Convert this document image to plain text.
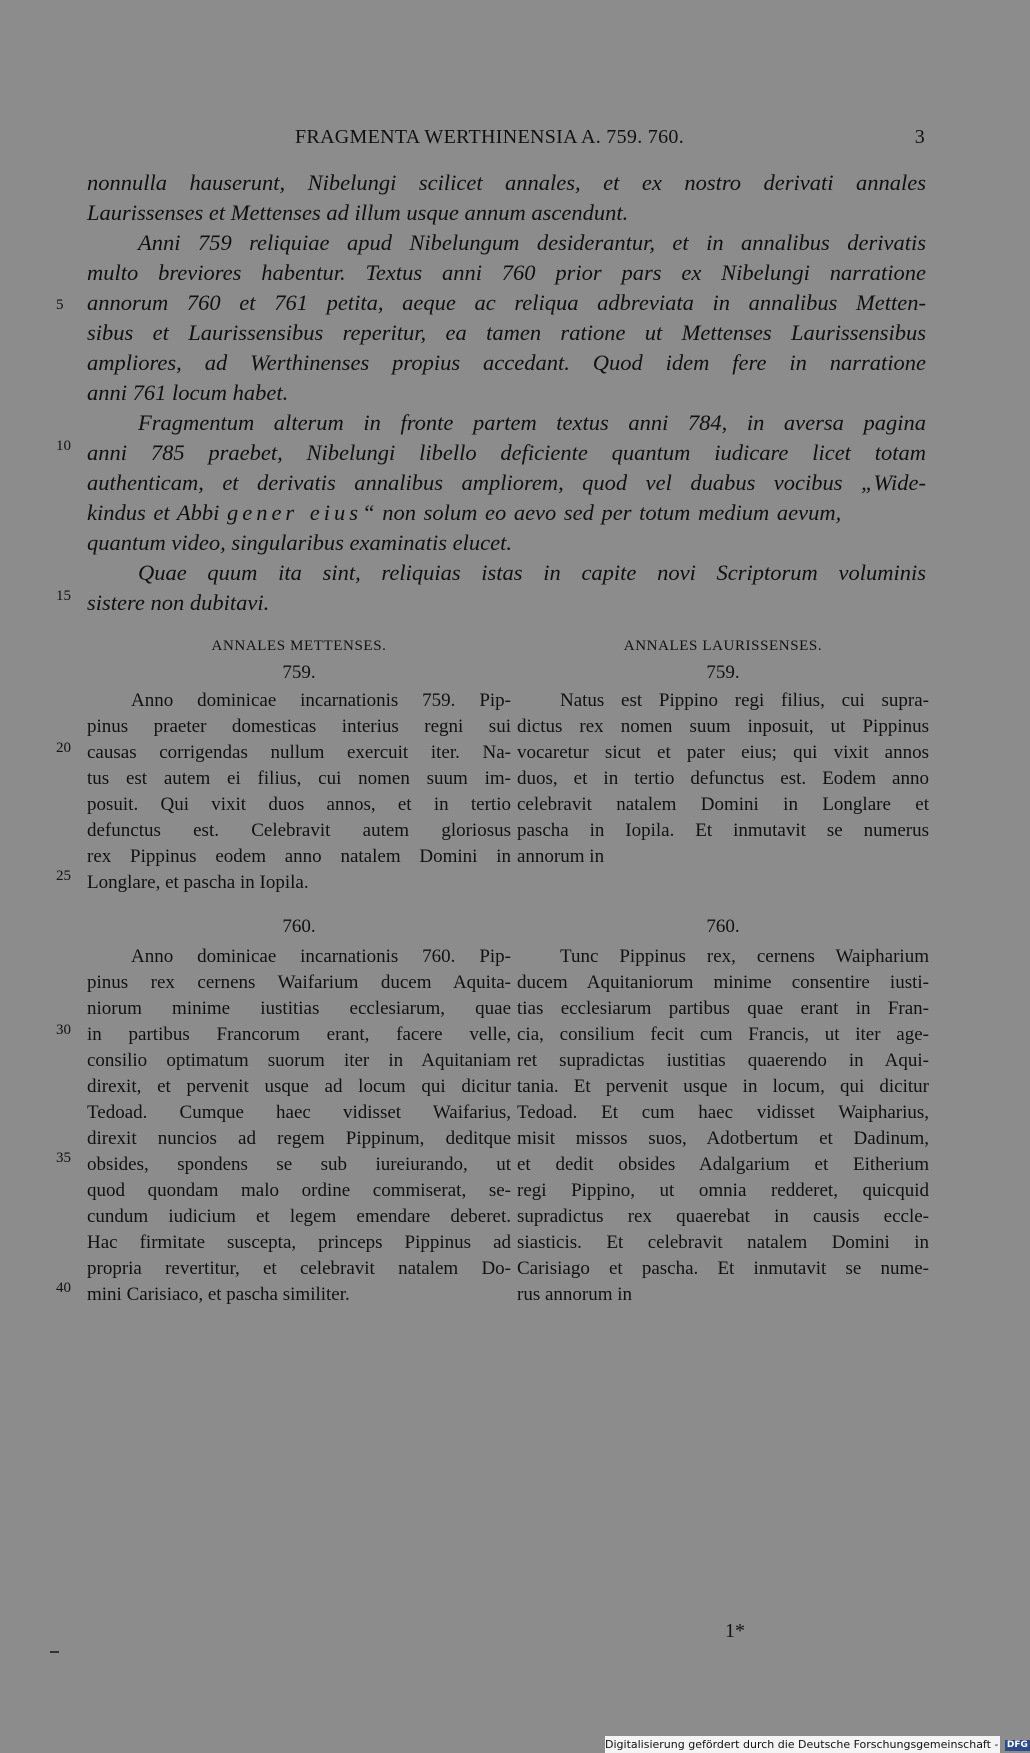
FRAGMENTA WERTHINENSIA A. 759. 760.	3
nonnulla hauserunt, Nibelungi scilicet annales, et ex nostro derivati annales
Laurissenses et Mettenses ad illum usque annum ascendunt.
Anni 759 reliquiae apud Nibelungum desiderantur, et in annalibus derivatis
multo breviores habentur. Textus anni 760 prior pars ex Nibelungi narratione
annorum 760 et 761 petita, aeque ac reliqua adbreviata in annalibus Metten-
sibus et Laurissensibus reperitur, ea tamen ratione ut Mettenses Laurissensibus
ampliores, ad Werthinenses propius accedant. Quod idem fere in narratione
anni 761 locum habet.
Fragmentum alterum in fronte partem textus anni 784, in aversa pagina
anni 785 praebet, Nibelungi libello deficiente quantum iudicare licet totam
authenticam, et derivatis annalibus ampliorem, quod vel duabus vocibus „Wide-
kindus et Abbi gener eius“ non solum eo aevo sed per totum medium aevum,
quantum video, singularibus examinatis elucet.
Quae quum ita sint, reliquias istas in capite novi Scriptorum voluminis
sistere non dubitavi.
5
10
15
20
25
30
35
40
ANNALES METTENSES.	ANNALES LAURISSENSES.
759.
Anno dominicae incarnationis 759. Pip-
pinus praeter domesticas interius regni sui
causas corrigendas nullum exercuit iter. Na-
tus est autem ei filius, cui nomen suum im-
posuit. Qui vixit duos annos, et in tertio
defunctus est. Celebravit autem gloriosus
rex Pippinus eodem anno natalem Domini in
Longlare, et pascha in Iopila.
759.
Natus est Pippino regi filius, cui supra-
dictus rex nomen suum inposuit, ut Pippinus
vocaretur sicut et pater eius; qui vixit annos
duos, et in tertio defunctus est. Eodem anno
celebravit natalem Domini in Longlare et
pascha in Iopila. Et inmutavit se numerus
annorum in
760.
Anno dominicae incarnationis 760. Pip-
pinus rex cernens Waifarium ducem Aquita-
niorum minime iustitias ecclesiarum, quae
in partibus Francorum erant, facere velle,
consilio optimatum suorum iter in Aquitaniam
direxit, et pervenit usque ad locum qui dicitur
Tedoad. Cumque haec vidisset Waifarius,
direxit nuncios ad regem Pippinum, deditque
obsides, spondens se sub iureiurando, ut
quod quondam malo ordine commiserat, se-
cundum iudicium et legem emendare deberet.
Hac firmitate suscepta, princeps Pippinus ad
propria revertitur, et celebravit natalem Do-
mini Carisiaco, et pascha similiter.
760.
Tunc Pippinus rex, cernens Waipharium
ducem Aquitaniorum minime consentire iusti-
tias ecclesiarum partibus quae erant in Fran-
cia, consilium fecit cum Francis, ut iter age-
ret supradictas iustitias quaerendo in Aqui-
tania. Et pervenit usque in locum, qui dicitur
Tedoad. Et cum haec vidisset Waipharius,
misit missos suos, Adotbertum et Dadinum,
et dedit obsides Adalgarium et Eitherium
regi Pippino, ut omnia redderet, quicquid
supradictus rex quaerebat in causis eccle-
siasticis. Et celebravit natalem Domini in
Carisiago et pascha. Et inmutavit se nume-
rus annorum in
1*
Digitalisierung gefördert durch die Deutsche Forschungsgemeinschaft - DFG
